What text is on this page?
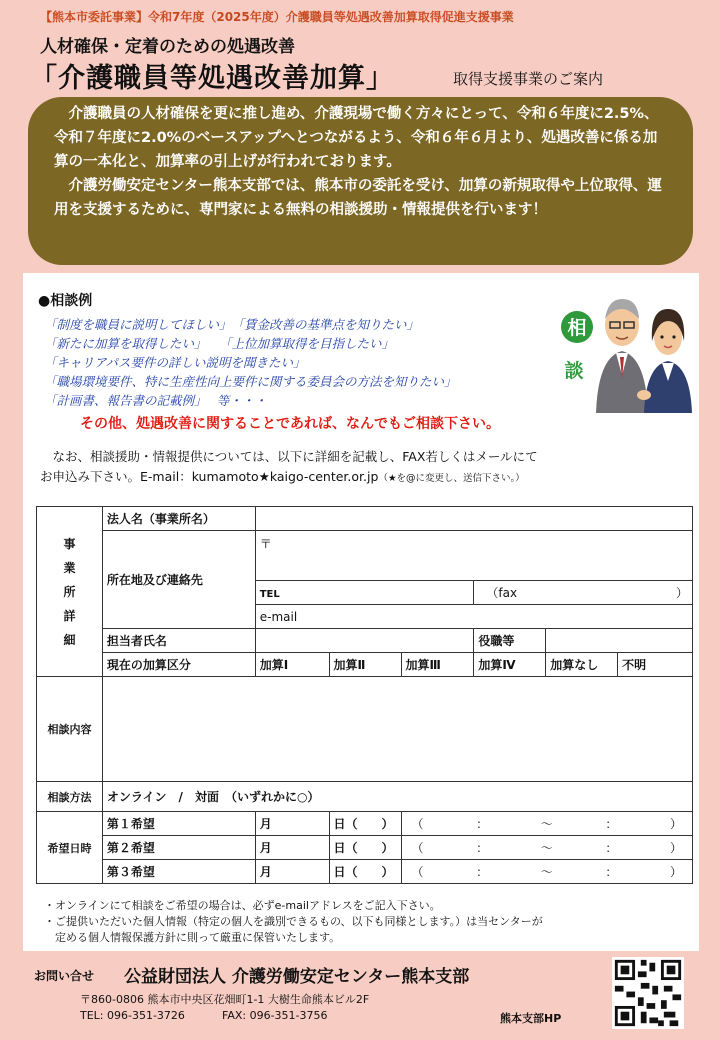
【熊本市委託事業】令和7年度（2025年度）介護職員等処遇改善加算取得促進支援事業
人材確保・定着のための処遇改善
「介護職員等処遇改善加算」	取得支援事業のご案内

介護職員の人材確保を更に推し進め、介護現場で働く方々にとって、令和６年度に2.5%、令和７年度に2.0%のベースアップへとつながるよう、令和６年６月より、処遇改善に係る加算の一本化と、加算率の引上げが行われております。

介護労働安定センター熊本支部では、熊本市の委託を受け、加算の新規取得や上位取得、運用を支援するために、専門家による無料の相談援助・情報提供を行います！

●相談例
「制度を職員に説明してほしい」　「賃金改善の基準点を知りたい」
「新たに加算を取得したい」　　「上位加算取得を目指したい」
「キャリアパス要件の詳しい説明を聞きたい」
「職場環境要件、特に生産性向上要件に関する委員会の方法を知りたい」
「計画書、報告書の記載例」　 等・・・
相
談
その他、処遇改善に関することであれば、なんでもご相談下さい。
なお、相談援助・情報提供については、以下に詳細を記載し、FAX若しくはメールにて
お申込み下さい。E-mail：kumamoto★kaigo-center.or.jp（★を@に変更し、送信下さい。）
事
業
所
詳
細	法人名（事業所名）						
	所在地及び連絡先	〒					
		TEL			（fax ）		

		e-mail					
	担当者氏名				役職等		
	現在の加算区分	加算Ⅰ	加算Ⅱ	加算Ⅲ	加算Ⅳ	加算なし	不明
相談内容							
相談方法	オンライン　/　対面　（いずれかに○）						
希望日時	第１希望	月	日（　　）	（ ： ～ ： ）			

	第２希望	月	日（　　）	（ ： ～ ： ）			

	第３希望	月	日（　　）	（ ： ～ ： ）			
・オンラインにて相談をご希望の場合は、必ずe-mailアドレスをご記入下さい。
・ご提供いただいた個人情報（特定の個人を識別できるもの、以下も同様とします。）は当センターが
　定める個人情報保護方針に則って厳重に保管いたします。
お問い合せ 公益財団法人 介護労働安定センター熊本支部
〒860-0806 熊本市中央区花畑町1-1 大樹生命熊本ビル2F
TEL: 096-351-3726	FAX: 096-351-3756	熊本支部HP
